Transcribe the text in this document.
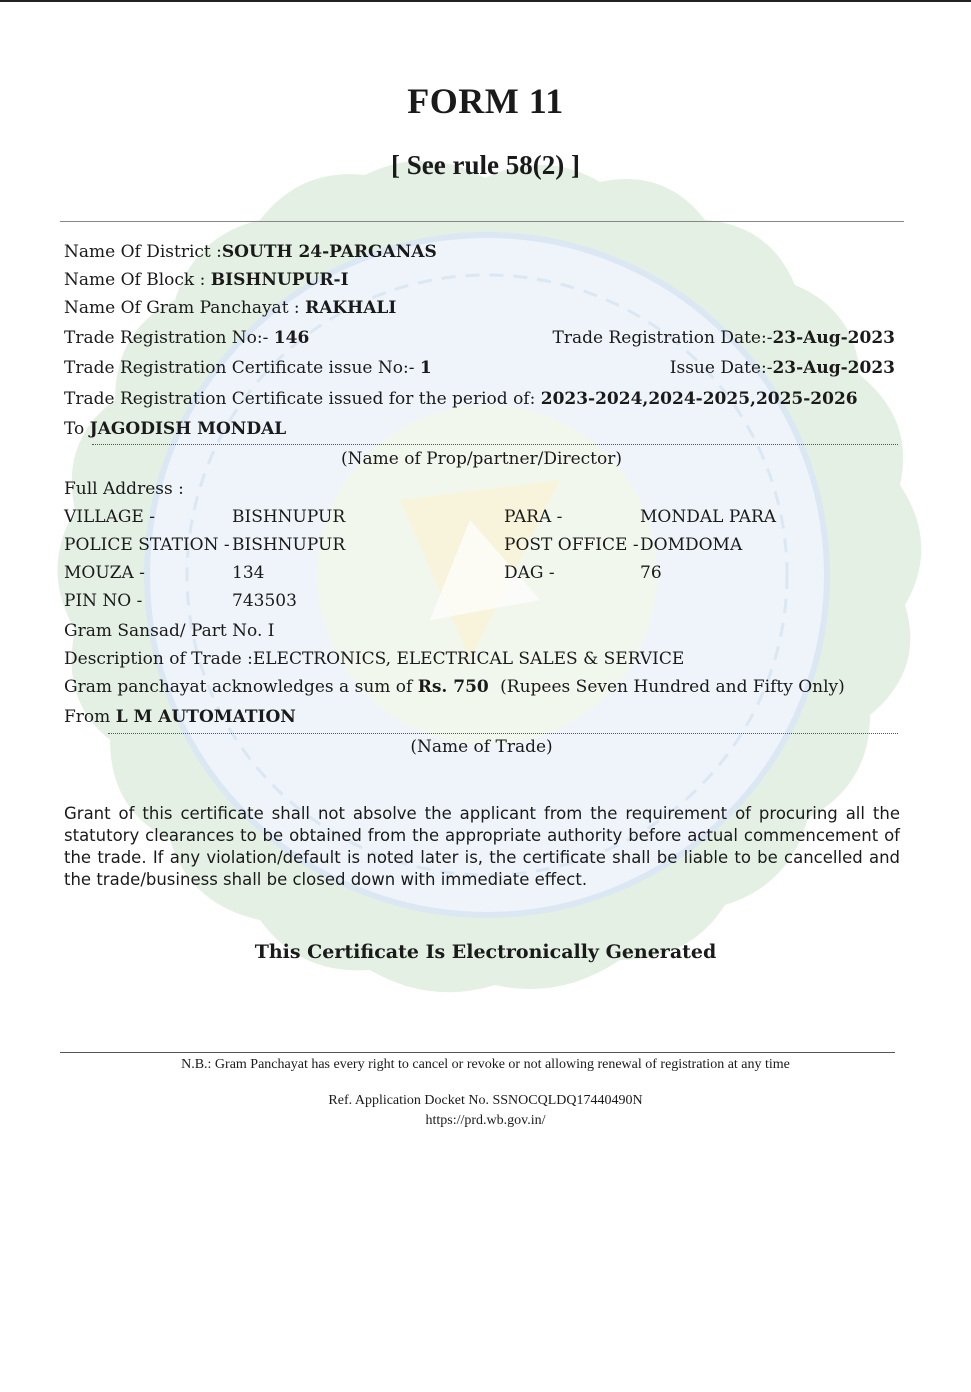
FORM 11
[ See rule 58(2) ]
Name Of District :SOUTH 24-PARGANAS
Name Of Block : BISHNUPUR-I
Name Of Gram Panchayat : RAKHALI
Trade Registration No:- 146	Trade Registration Date:-23-Aug-2023
Trade Registration Certificate issue No:- 1	Issue Date:-23-Aug-2023
Trade Registration Certificate issued for the period of: 2023-2024,2024-2025,2025-2026
To JAGODISH MONDAL
(Name of Prop/partner/Director)
Full Address :
VILLAGE -	BISHNUPUR	PARA -	MONDAL PARA
POLICE STATION - BISHNUPUR	POST OFFICE - DOMDOMA
MOUZA -	134	DAG -	76
PIN NO -	743503
Gram Sansad/ Part No. I
Description of Trade :ELECTRONICS, ELECTRICAL SALES & SERVICE
Gram panchayat acknowledges a sum of Rs. 750 (Rupees Seven Hundred and Fifty Only)
From L M AUTOMATION
(Name of Trade)
Grant of this certificate shall not absolve the applicant from the requirement of procuring all the statutory clearances to be obtained from the appropriate authority before actual commencement of the trade. If any violation/default is noted later is, the certificate shall be liable to be cancelled and the trade/business shall be closed down with immediate effect.
This Certificate Is Electronically Generated
N.B.: Gram Panchayat has every right to cancel or revoke or not allowing renewal of registration at any time
Ref. Application Docket No. SSNOCQLDQ17440490N
https://prd.wb.gov.in/
